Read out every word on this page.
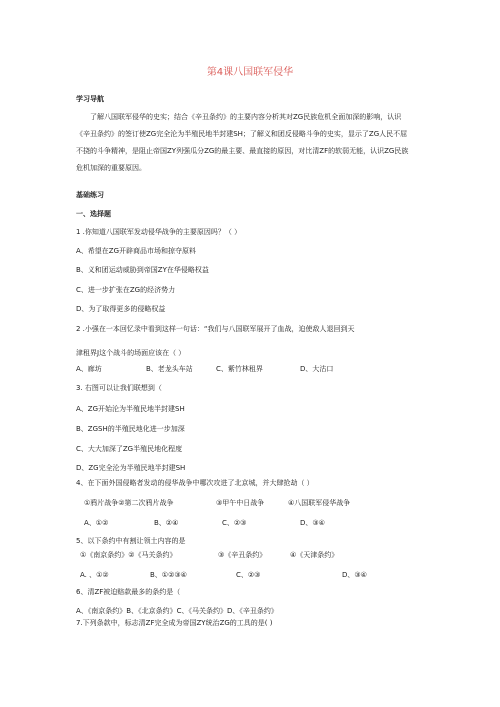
第4课八国联军侵华
学习导航
了解八国联军侵华的史实；结合《辛丑条约》的主要内容分析其对ZG民族危机全面加深的影响，认识
《辛丑条约》的签订使ZG完全沦为半殖民地半封建SH；了解义和团反侵略斗争的史实，显示了ZG人民不屈
不挠的斗争精神，是阻止帝国ZY列强瓜分ZG的最主要、最直接的原因，对比清ZF的软弱无能，认识ZG民族
危机加深的重要原因。
基础练习
一、选择题
1 .你知道八国联军发动侵华战争的主要原因吗？（ ）
A、希望在ZG开辟商品市场和掠夺原料
B、义和团运动威胁到帝国ZY在华侵略权益
C、进一步扩张在ZG的经济势力
D、为了取得更多的侵略权益
2 .小强在一本回忆录中看到这样一句话：“我们与八国联军展开了血战，迫使敌人退回到天
津租界J这个战斗的场面应该在（ ）
A、廊坊	B、老龙头车站	C、紫竹林租界	D、大沽口
3. 右图可以让我们联想到（
A、ZG开始沦为半殖民地半封建SH
B、ZGSH的半殖民地化进一步加深
C、大大加深了ZG半殖民地化程度
D、ZG完全沦为半殖民地半封建SH
4、在下面外国侵略者发动的侵华战争中哪次攻进了北京城，并大肆抢劫（ ）
①鸦片战争②第二次鸦片战争	③甲午中日战争	④八国联军侵华战争
A、①②	B、②④	C、②③	D、③④
5、以下条约中有割让领土内容的是
①《南京条约》②《马关条约》	③《辛丑条约》	④《天津条约》
A. 、①②	B、①②③④	C、②③	D、③④
6、清ZF被迫赔款最多的条约是（
A、《南京条约》B、《北京条约》C、《马关条约》D、《辛丑条约》
7.下列条款中，标志清ZF完全成为帝国ZY统治ZG的工具的是( )
